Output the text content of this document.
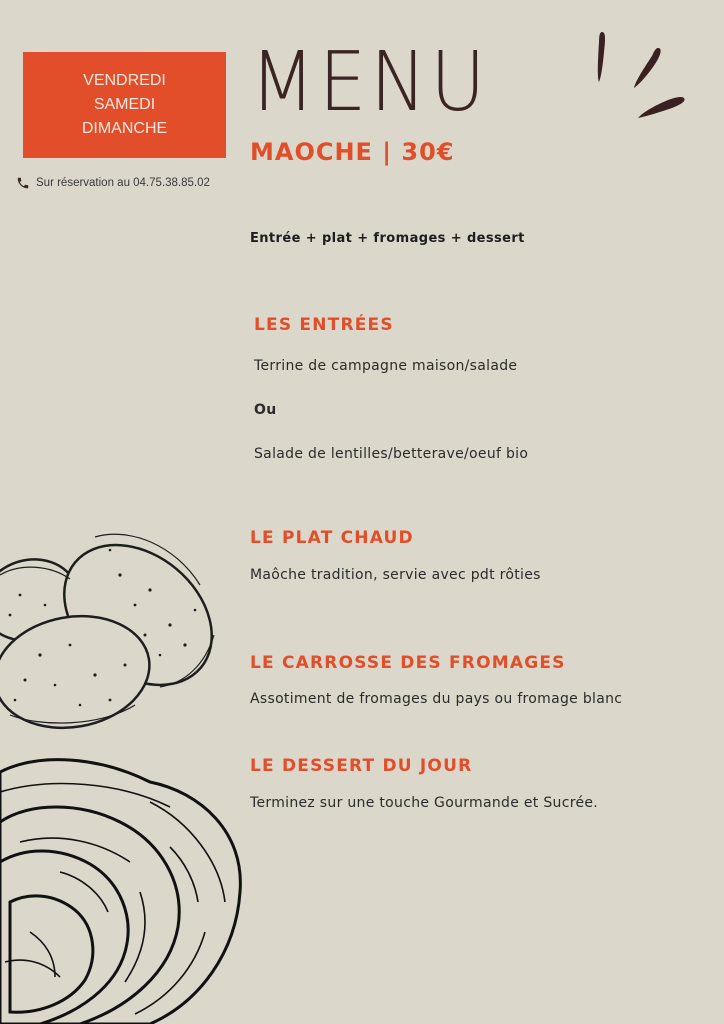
VENDREDI
SAMEDI
DIMANCHE
Sur réservation au 04.75.38.85.02
MENU
MAOCHE | 30€
Entrée + plat + fromages + dessert
LES ENTRÉES
Terrine de campagne maison/salade
Ou
Salade de lentilles/betterave/oeuf bio
LE PLAT CHAUD
Maôche tradition, servie avec pdt rôties
LE CARROSSE DES FROMAGES
Assotiment de fromages du pays ou fromage blanc
LE DESSERT DU JOUR
Terminez sur une touche Gourmande et Sucrée.
